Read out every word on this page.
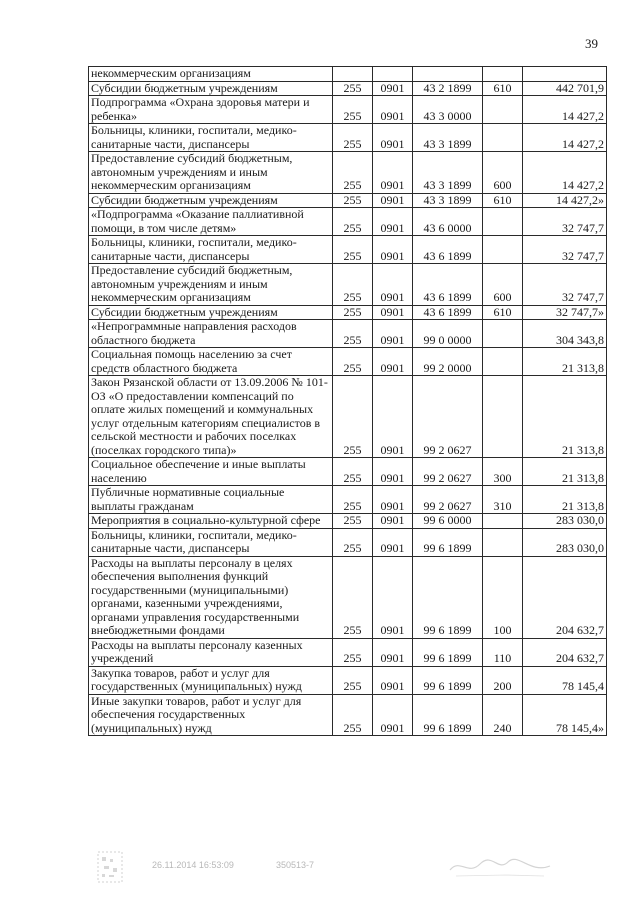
39
некоммерческим организациям					
Субсидии бюджетным учреждениям	255	0901	43 2 1899	610	442 701,9
Подпрограмма «Охрана здоровья матери и ребенка»	255	0901	43 3 0000		14 427,2
Больницы, клиники, госпитали, медико-санитарные части, диспансеры	255	0901	43 3 1899		14 427,2
Предоставление субсидий бюджетным, автономным учреждениям и иным некоммерческим организациям	255	0901	43 3 1899	600	14 427,2
Субсидии бюджетным учреждениям	255	0901	43 3 1899	610	14 427,2»
«Подпрограмма «Оказание паллиативной помощи, в том числе детям»	255	0901	43 6 0000		32 747,7
Больницы, клиники, госпитали, медико-санитарные части, диспансеры	255	0901	43 6 1899		32 747,7
Предоставление субсидий бюджетным, автономным учреждениям и иным некоммерческим организациям	255	0901	43 6 1899	600	32 747,7
Субсидии бюджетным учреждениям	255	0901	43 6 1899	610	32 747,7»
«Непрограммные направления расходов областного бюджета	255	0901	99 0 0000		304 343,8
Социальная помощь населению за счет средств областного бюджета	255	0901	99 2 0000		21 313,8
Закон Рязанской области от 13.09.2006 № 101-ОЗ «О предоставлении компенсаций по оплате жилых помещений и коммунальных услуг отдельным категориям специалистов в сельской местности и рабочих поселках (поселках городского типа)»	255	0901	99 2 0627		21 313,8
Социальное обеспечение и иные выплаты населению	255	0901	99 2 0627	300	21 313,8
Публичные нормативные социальные выплаты гражданам	255	0901	99 2 0627	310	21 313,8
Мероприятия в социально-культурной сфере	255	0901	99 6 0000		283 030,0
Больницы, клиники, госпитали, медико-санитарные части, диспансеры	255	0901	99 6 1899		283 030,0
Расходы на выплаты персоналу в целях обеспечения выполнения функций государственными (муниципальными) органами, казенными учреждениями, органами управления государственными внебюджетными фондами	255	0901	99 6 1899	100	204 632,7
Расходы на выплаты персоналу казенных учреждений	255	0901	99 6 1899	110	204 632,7
Закупка товаров, работ и услуг для государственных (муниципальных) нужд	255	0901	99 6 1899	200	78 145,4
Иные закупки товаров, работ и услуг для обеспечения государственных (муниципальных) нужд	255	0901	99 6 1899	240	78 145,4»
26.11.2014 16:53:09	350513-7
